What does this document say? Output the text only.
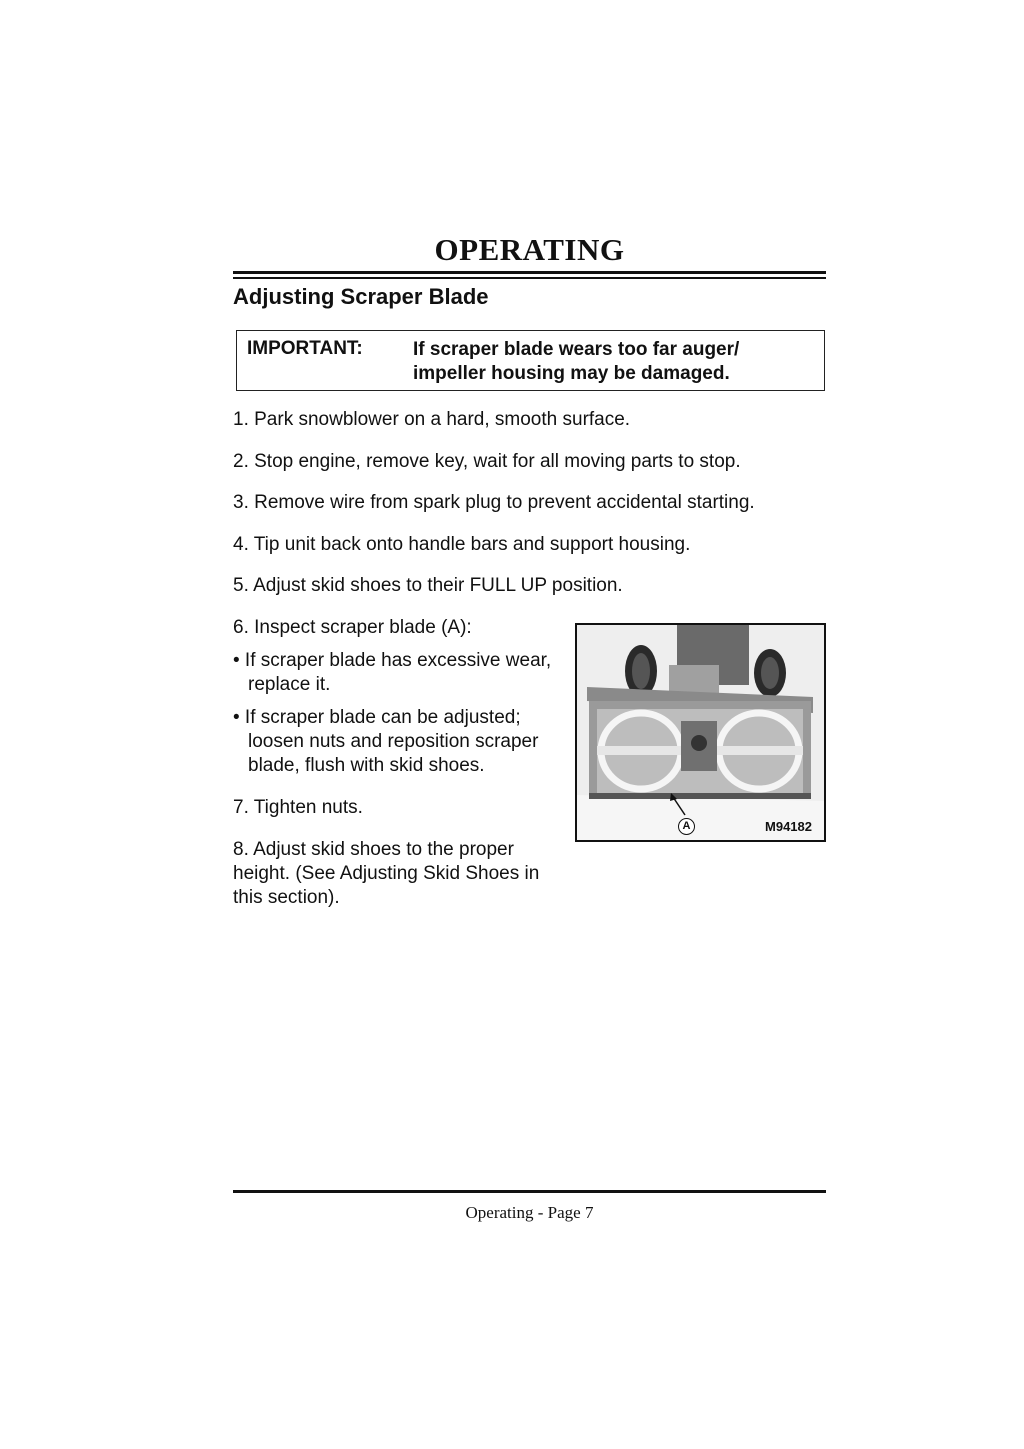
OPERATING
Adjusting Scraper Blade
IMPORTANT:	If scraper blade wears too far auger/ impeller housing may be damaged.
1. Park snowblower on a hard, smooth surface.
2. Stop engine, remove key, wait for all moving parts to stop.
3. Remove wire from spark plug to prevent accidental starting.
4. Tip unit back onto handle bars and support housing.
5. Adjust skid shoes to their FULL UP position.
6. Inspect scraper blade (A):
• If scraper blade has excessive wear, replace it.
• If scraper blade can be adjusted; loosen nuts and reposition scraper blade, flush with skid shoes.
7. Tighten nuts.
8. Adjust skid shoes to the proper height. (See Adjusting Skid Shoes in this section).
A	M94182
Operating - Page 7
